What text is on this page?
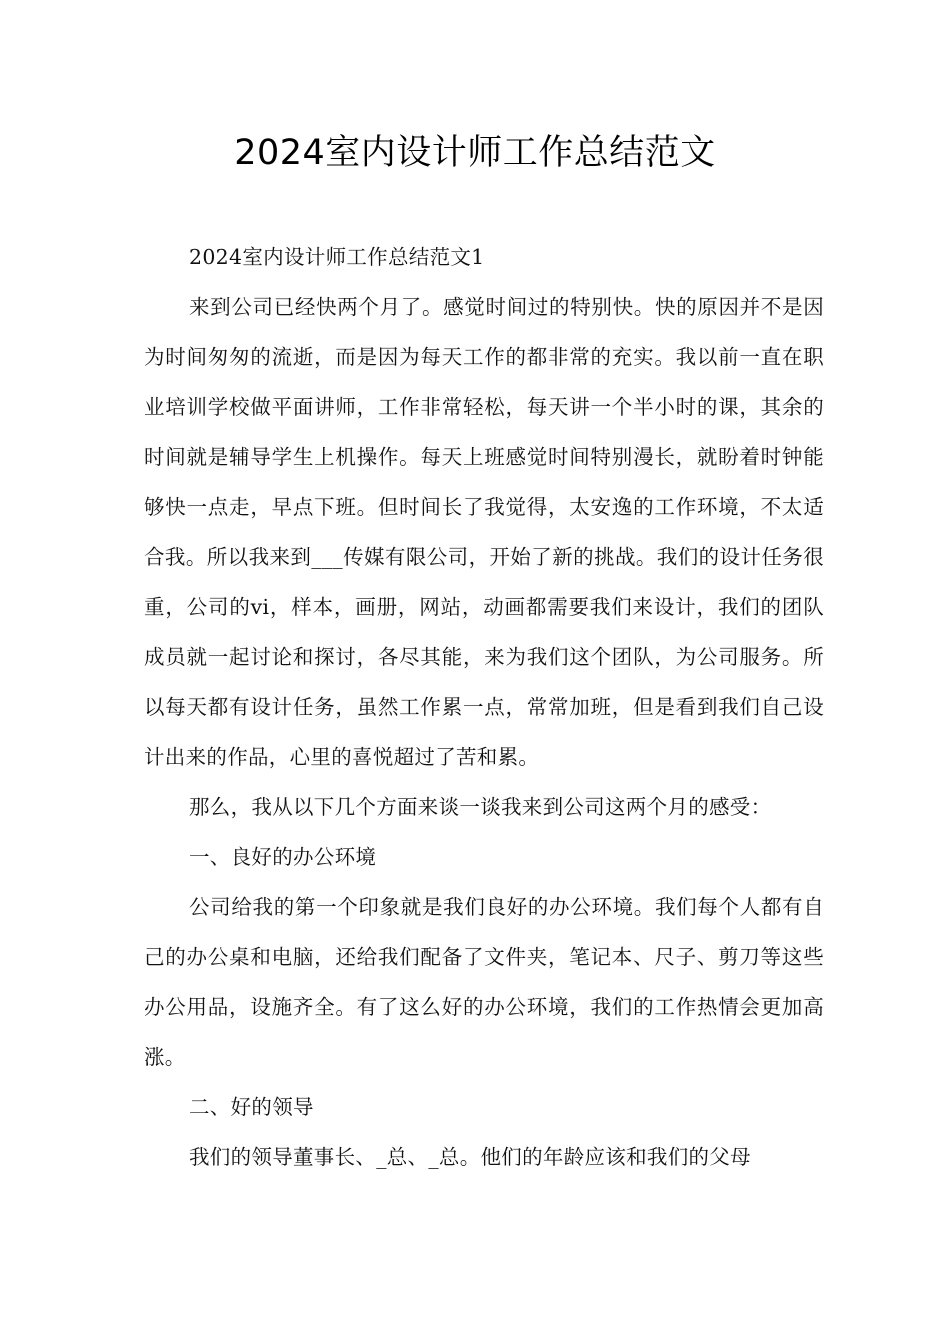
2024室内设计师工作总结范文

2024室内设计师工作总结范文1

来到公司已经快两个月了。感觉时间过的特别快。快的原因并不是因为时间匆匆的流逝，而是因为每天工作的都非常的充实。我以前一直在职业培训学校做平面讲师，工作非常轻松，每天讲一个半小时的课，其余的时间就是辅导学生上机操作。每天上班感觉时间特别漫长，就盼着时钟能够快一点走，早点下班。但时间长了我觉得，太安逸的工作环境，不太适合我。所以我来到___传媒有限公司，开始了新的挑战。我们的设计任务很重，公司的vi，样本，画册，网站，动画都需要我们来设计，我们的团队成员就一起讨论和探讨，各尽其能，来为我们这个团队，为公司服务。所以每天都有设计任务，虽然工作累一点，常常加班，但是看到我们自己设计出来的作品，心里的喜悦超过了苦和累。

那么，我从以下几个方面来谈一谈我来到公司这两个月的感受：

一、良好的办公环境

公司给我的第一个印象就是我们良好的办公环境。我们每个人都有自己的办公桌和电脑，还给我们配备了文件夹，笔记本、尺子、剪刀等这些办公用品，设施齐全。有了这么好的办公环境，我们的工作热情会更加高涨。

二、好的领导

我们的领导董事长、_总、_总。他们的年龄应该和我们的父母
